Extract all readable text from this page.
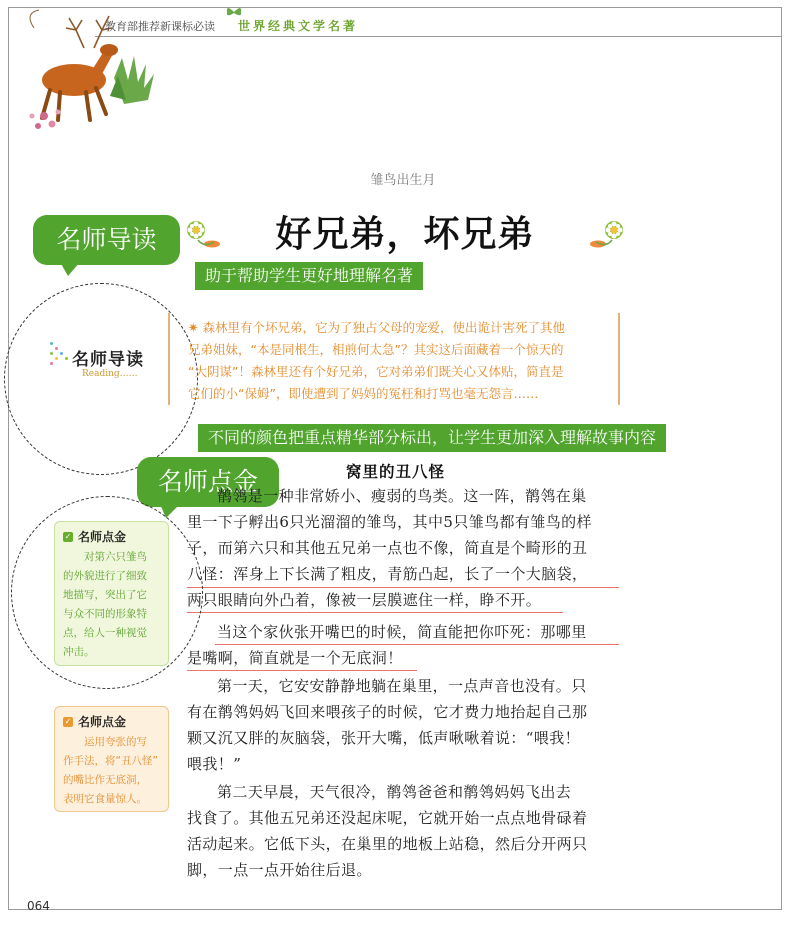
教育部推荐新课标必读 世界经典文学名著
雏鸟出生月
好兄弟，坏兄弟
名师导读
助于帮助学生更好地理解名著
名师导读
Reading……
✷ 森林里有个坏兄弟，它为了独占父母的宠爱，使出诡计害死了其他
兄弟姐妹，“本是同根生，相煎何太急”？其实这后面藏着一个惊天的
“大阴谋”！森林里还有个好兄弟，它对弟弟们既关心又体贴，简直是
它们的小“保姆”，即使遭到了妈妈的冤枉和打骂也毫无怨言……
不同的颜色把重点精华部分标出，让学生更加深入理解故事内容
名师点金	窝里的丑八怪
鹡鸰是一种非常娇小、瘦弱的鸟类。这一阵，鹡鸰在巢
里一下子孵出6只光溜溜的雏鸟，其中5只雏鸟都有雏鸟的样
子，而第六只和其他五兄弟一点也不像，简直是个畸形的丑
八怪：浑身上下长满了粗皮，青筋凸起，长了一个大脑袋，
两只眼睛向外凸着，像被一层膜遮住一样，睁不开。
当这个家伙张开嘴巴的时候，简直能把你吓死：那哪里
是嘴啊，简直就是一个无底洞！
第一天，它安安静静地躺在巢里，一点声音也没有。只
有在鹡鸰妈妈飞回来喂孩子的时候，它才费力地抬起自己那
颗又沉又胖的灰脑袋，张开大嘴，低声啾啾着说：“喂我！
喂我！”
第二天早晨，天气很冷，鹡鸰爸爸和鹡鸰妈妈飞出去
找食了。其他五兄弟还没起床呢，它就开始一点点地骨碌着
活动起来。它低下头，在巢里的地板上站稳，然后分开两只
脚，一点一点开始往后退。
✓ 名师点金
对第六只雏鸟
的外貌进行了细致
地描写，突出了它
与众不同的形象特
点，给人一种视觉
冲击。
✓ 名师点金
运用夸张的写
作手法，将“丑八怪”
的嘴比作无底洞，
表明它食量惊人。
064
